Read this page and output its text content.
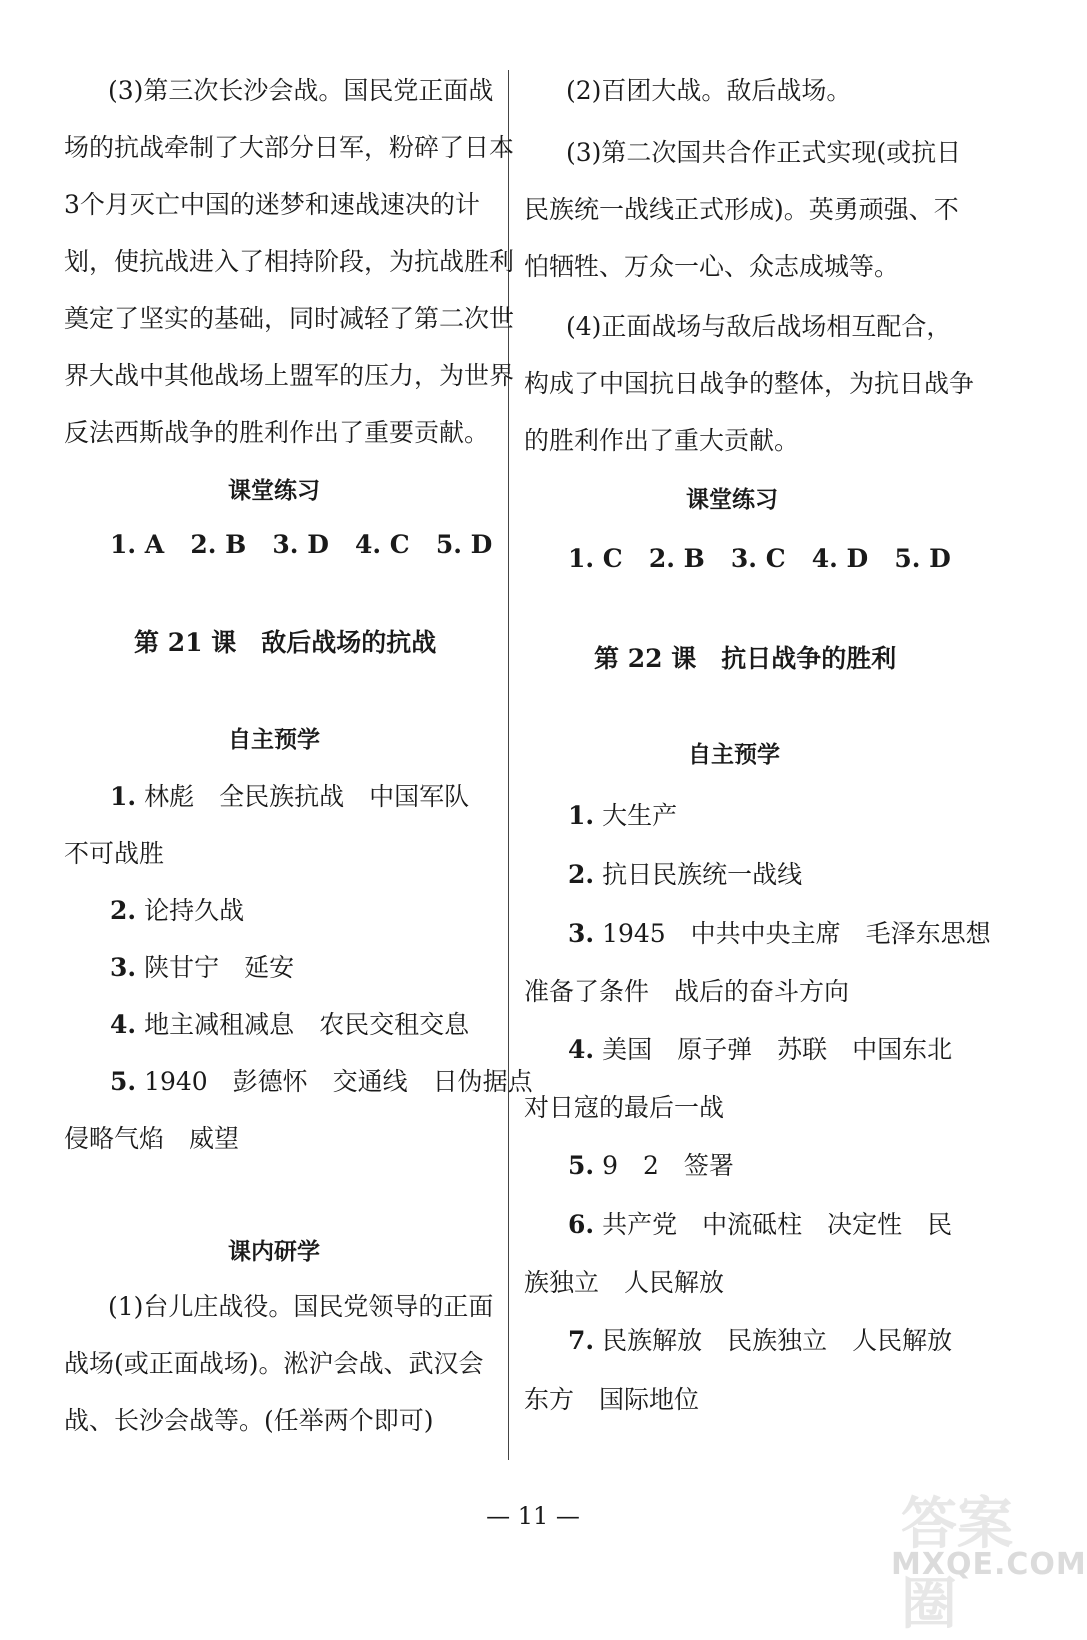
(3)第三次长沙会战。国民党正面战
场的抗战牵制了大部分日军，粉碎了日本
3个月灭亡中国的迷梦和速战速决的计
划，使抗战进入了相持阶段，为抗战胜利
奠定了坚实的基础，同时减轻了第二次世
界大战中其他战场上盟军的压力，为世界
反法西斯战争的胜利作出了重要贡献。
课堂练习
1. A 2. B 3. D 4. C 5. D
第 21 课　敌后战场的抗战
自主预学
1. 林彪　全民族抗战　中国军队
不可战胜
2. 论持久战
3. 陕甘宁　延安
4. 地主减租减息　农民交租交息
5. 1940　彭德怀　交通线　日伪据点
侵略气焰　威望
课内研学
(1)台儿庄战役。国民党领导的正面
战场(或正面战场)。淞沪会战、武汉会
战、长沙会战等。(任举两个即可)
(2)百团大战。敌后战场。
(3)第二次国共合作正式实现(或抗日
民族统一战线正式形成)。英勇顽强、不
怕牺牲、万众一心、众志成城等。
(4)正面战场与敌后战场相互配合，
构成了中国抗日战争的整体，为抗日战争
的胜利作出了重大贡献。
课堂练习
1. C 2. B 3. C 4. D 5. D
第 22 课　抗日战争的胜利
自主预学
1. 大生产
2. 抗日民族统一战线
3. 1945　中共中央主席　毛泽东思想
准备了条件　战后的奋斗方向
4. 美国　原子弹　苏联　中国东北
对日寇的最后一战
5. 9　2　签署
6. 共产党　中流砥柱　决定性　民
族独立　人民解放
7. 民族解放　民族独立　人民解放
东方　国际地位
— 11 —	答案圈
MXQE.COM
